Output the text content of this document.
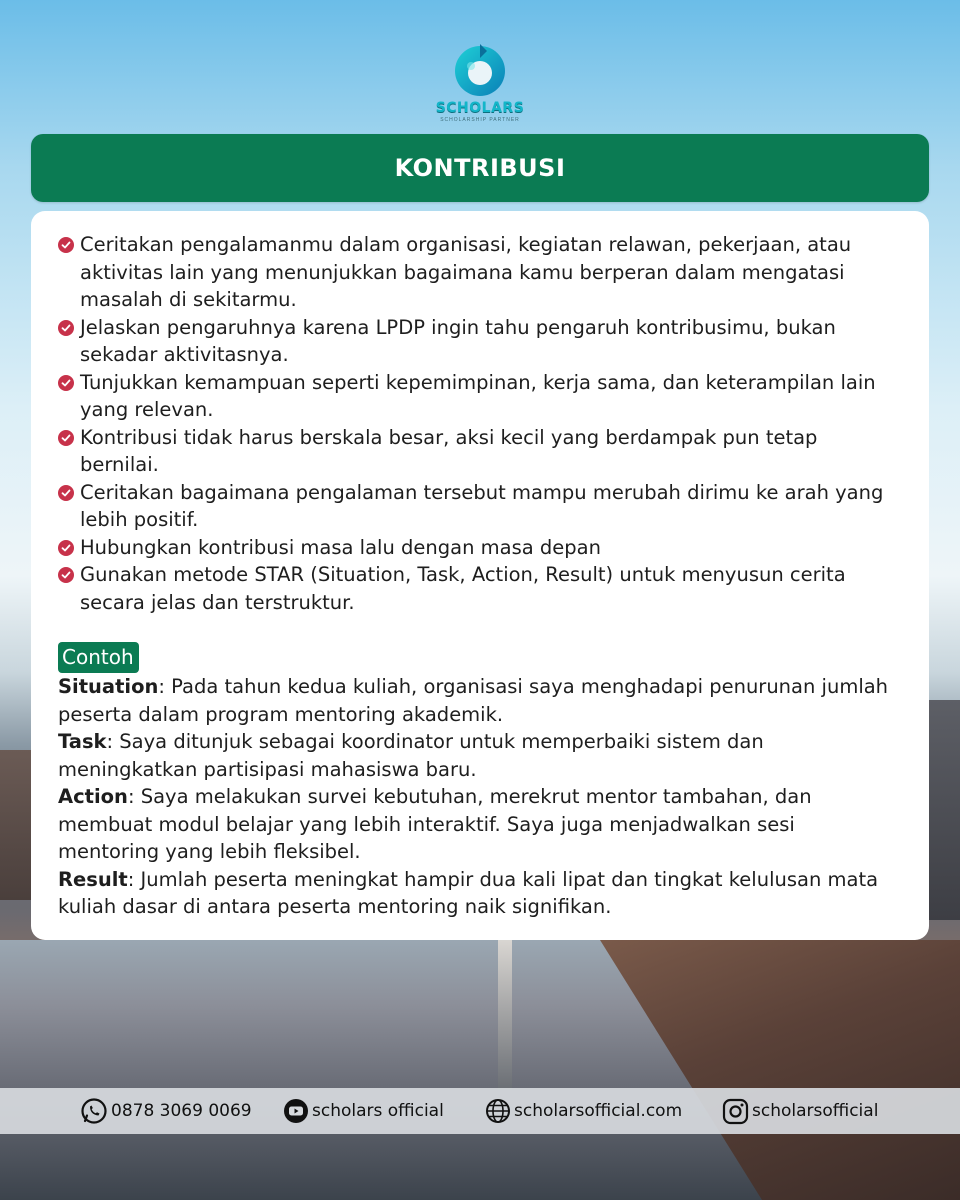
SCHOLARS
SCHOLARSHIP PARTNER
KONTRIBUSI
Ceritakan pengalamanmu dalam organisasi, kegiatan relawan, pekerjaan, atau aktivitas lain yang menunjukkan bagaimana kamu berperan dalam mengatasi masalah di sekitarmu.
Jelaskan pengaruhnya karena LPDP ingin tahu pengaruh kontribusimu, bukan sekadar aktivitasnya.
Tunjukkan kemampuan seperti kepemimpinan, kerja sama, dan keterampilan lain yang relevan.
Kontribusi tidak harus berskala besar, aksi kecil yang berdampak pun tetap bernilai.
Ceritakan bagaimana pengalaman tersebut mampu merubah dirimu ke arah yang lebih positif.
Hubungkan kontribusi masa lalu dengan masa depan
Gunakan metode STAR (Situation, Task, Action, Result) untuk menyusun cerita secara jelas dan terstruktur.
Contoh

Situation: Pada tahun kedua kuliah, organisasi saya menghadapi penurunan jumlah peserta dalam program mentoring akademik.

Task: Saya ditunjuk sebagai koordinator untuk memperbaiki sistem dan meningkatkan partisipasi mahasiswa baru.

Action: Saya melakukan survei kebutuhan, merekrut mentor tambahan, dan membuat modul belajar yang lebih interaktif. Saya juga menjadwalkan sesi mentoring yang lebih fleksibel.

Result: Jumlah peserta meningkat hampir dua kali lipat dan tingkat kelulusan mata kuliah dasar di antara peserta mentoring naik signifikan.

0878 3069 0069	scholars official	scholarsofficial.com	scholarsofficial
